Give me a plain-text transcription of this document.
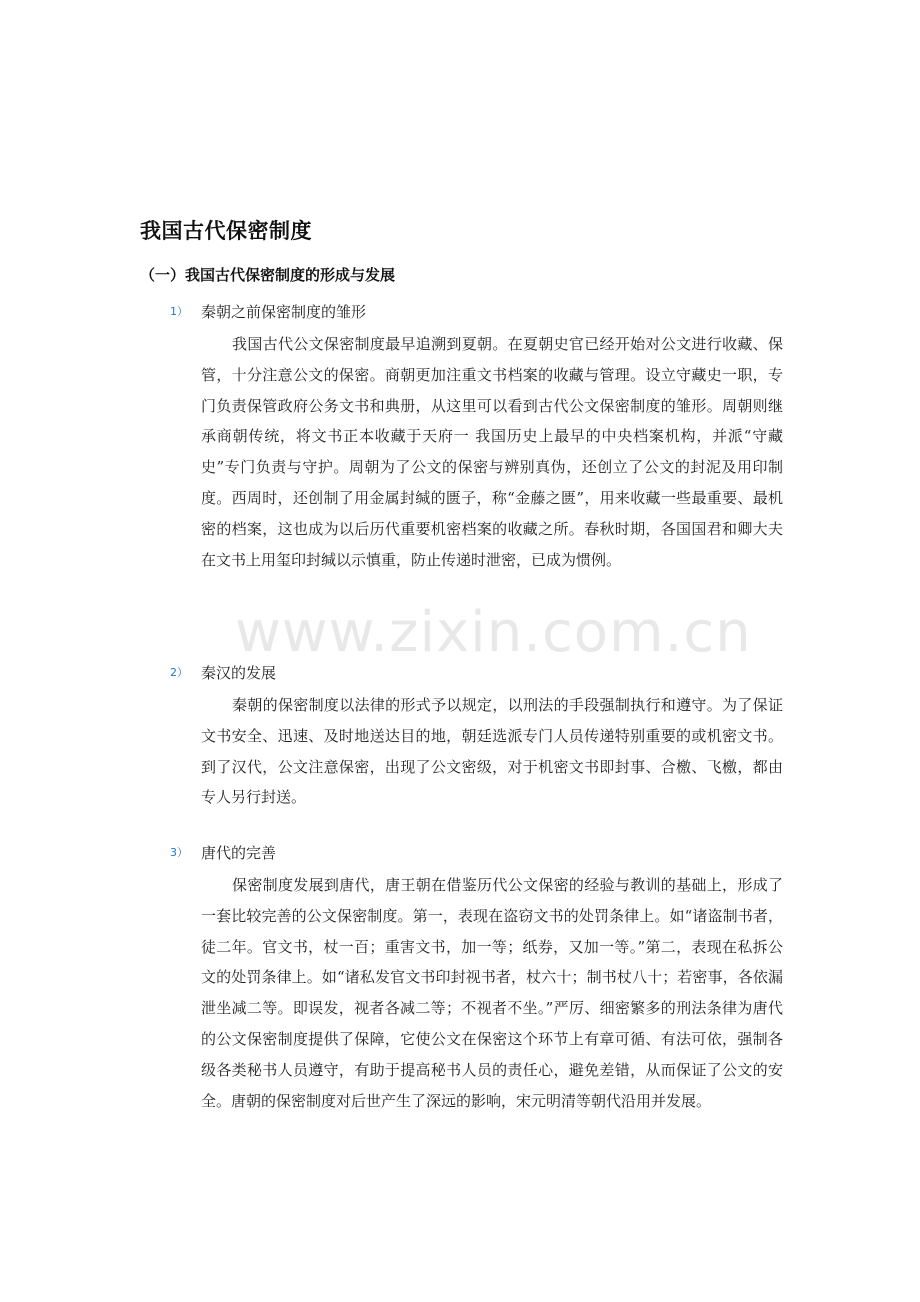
我国古代保密制度
（一）我国古代保密制度的形成与发展
1） 秦朝之前保密制度的雏形

我国古代公文保密制度最早追溯到夏朝。在夏朝史官已经开始对公文进行收藏、保管，十分注意公文的保密。商朝更加注重文书档案的收藏与管理。设立守藏史一职，专门负责保管政府公务文书和典册，从这里可以看到古代公文保密制度的雏形。周朝则继承商朝传统，将文书正本收藏于天府一 我国历史上最早的中央档案机构，并派“守藏史”专门负责与守护。周朝为了公文的保密与辨别真伪，还创立了公文的封泥及用印制度。西周时，还创制了用金属封缄的匮子，称“金藤之匮”，用来收藏一些最重要、最机密的档案，这也成为以后历代重要机密档案的收藏之所。春秋时期，各国国君和卿大夫在文书上用玺印封缄以示慎重，防止传递时泄密，已成为惯例。

2） 秦汉的发展

秦朝的保密制度以法律的形式予以规定，以刑法的手段强制执行和遵守。为了保证文书安全、迅速、及时地送达目的地，朝廷选派专门人员传递特别重要的或机密文书。到了汉代，公文注意保密，出现了公文密级，对于机密文书即封事、合檄、飞檄，都由专人另行封送。

3） 唐代的完善

保密制度发展到唐代，唐王朝在借鉴历代公文保密的经验与教训的基础上，形成了一套比较完善的公文保密制度。第一，表现在盗窃文书的处罚条律上。如“诸盗制书者，徒二年。官文书，杖一百；重害文书，加一等；纸券，又加一等。”第二，表现在私拆公文的处罚条律上。如“诸私发官文书印封视书者，杖六十；制书杖八十；若密事，各依漏泄坐减二等。即误发，视者各减二等；不视者不坐。”严厉、细密繁多的刑法条律为唐代的公文保密制度提供了保障，它使公文在保密这个环节上有章可循、有法可依，强制各级各类秘书人员遵守，有助于提高秘书人员的责任心，避免差错，从而保证了公文的安全。唐朝的保密制度对后世产生了深远的影响，宋元明清等朝代沿用并发展。

www.zixin.com.cn
